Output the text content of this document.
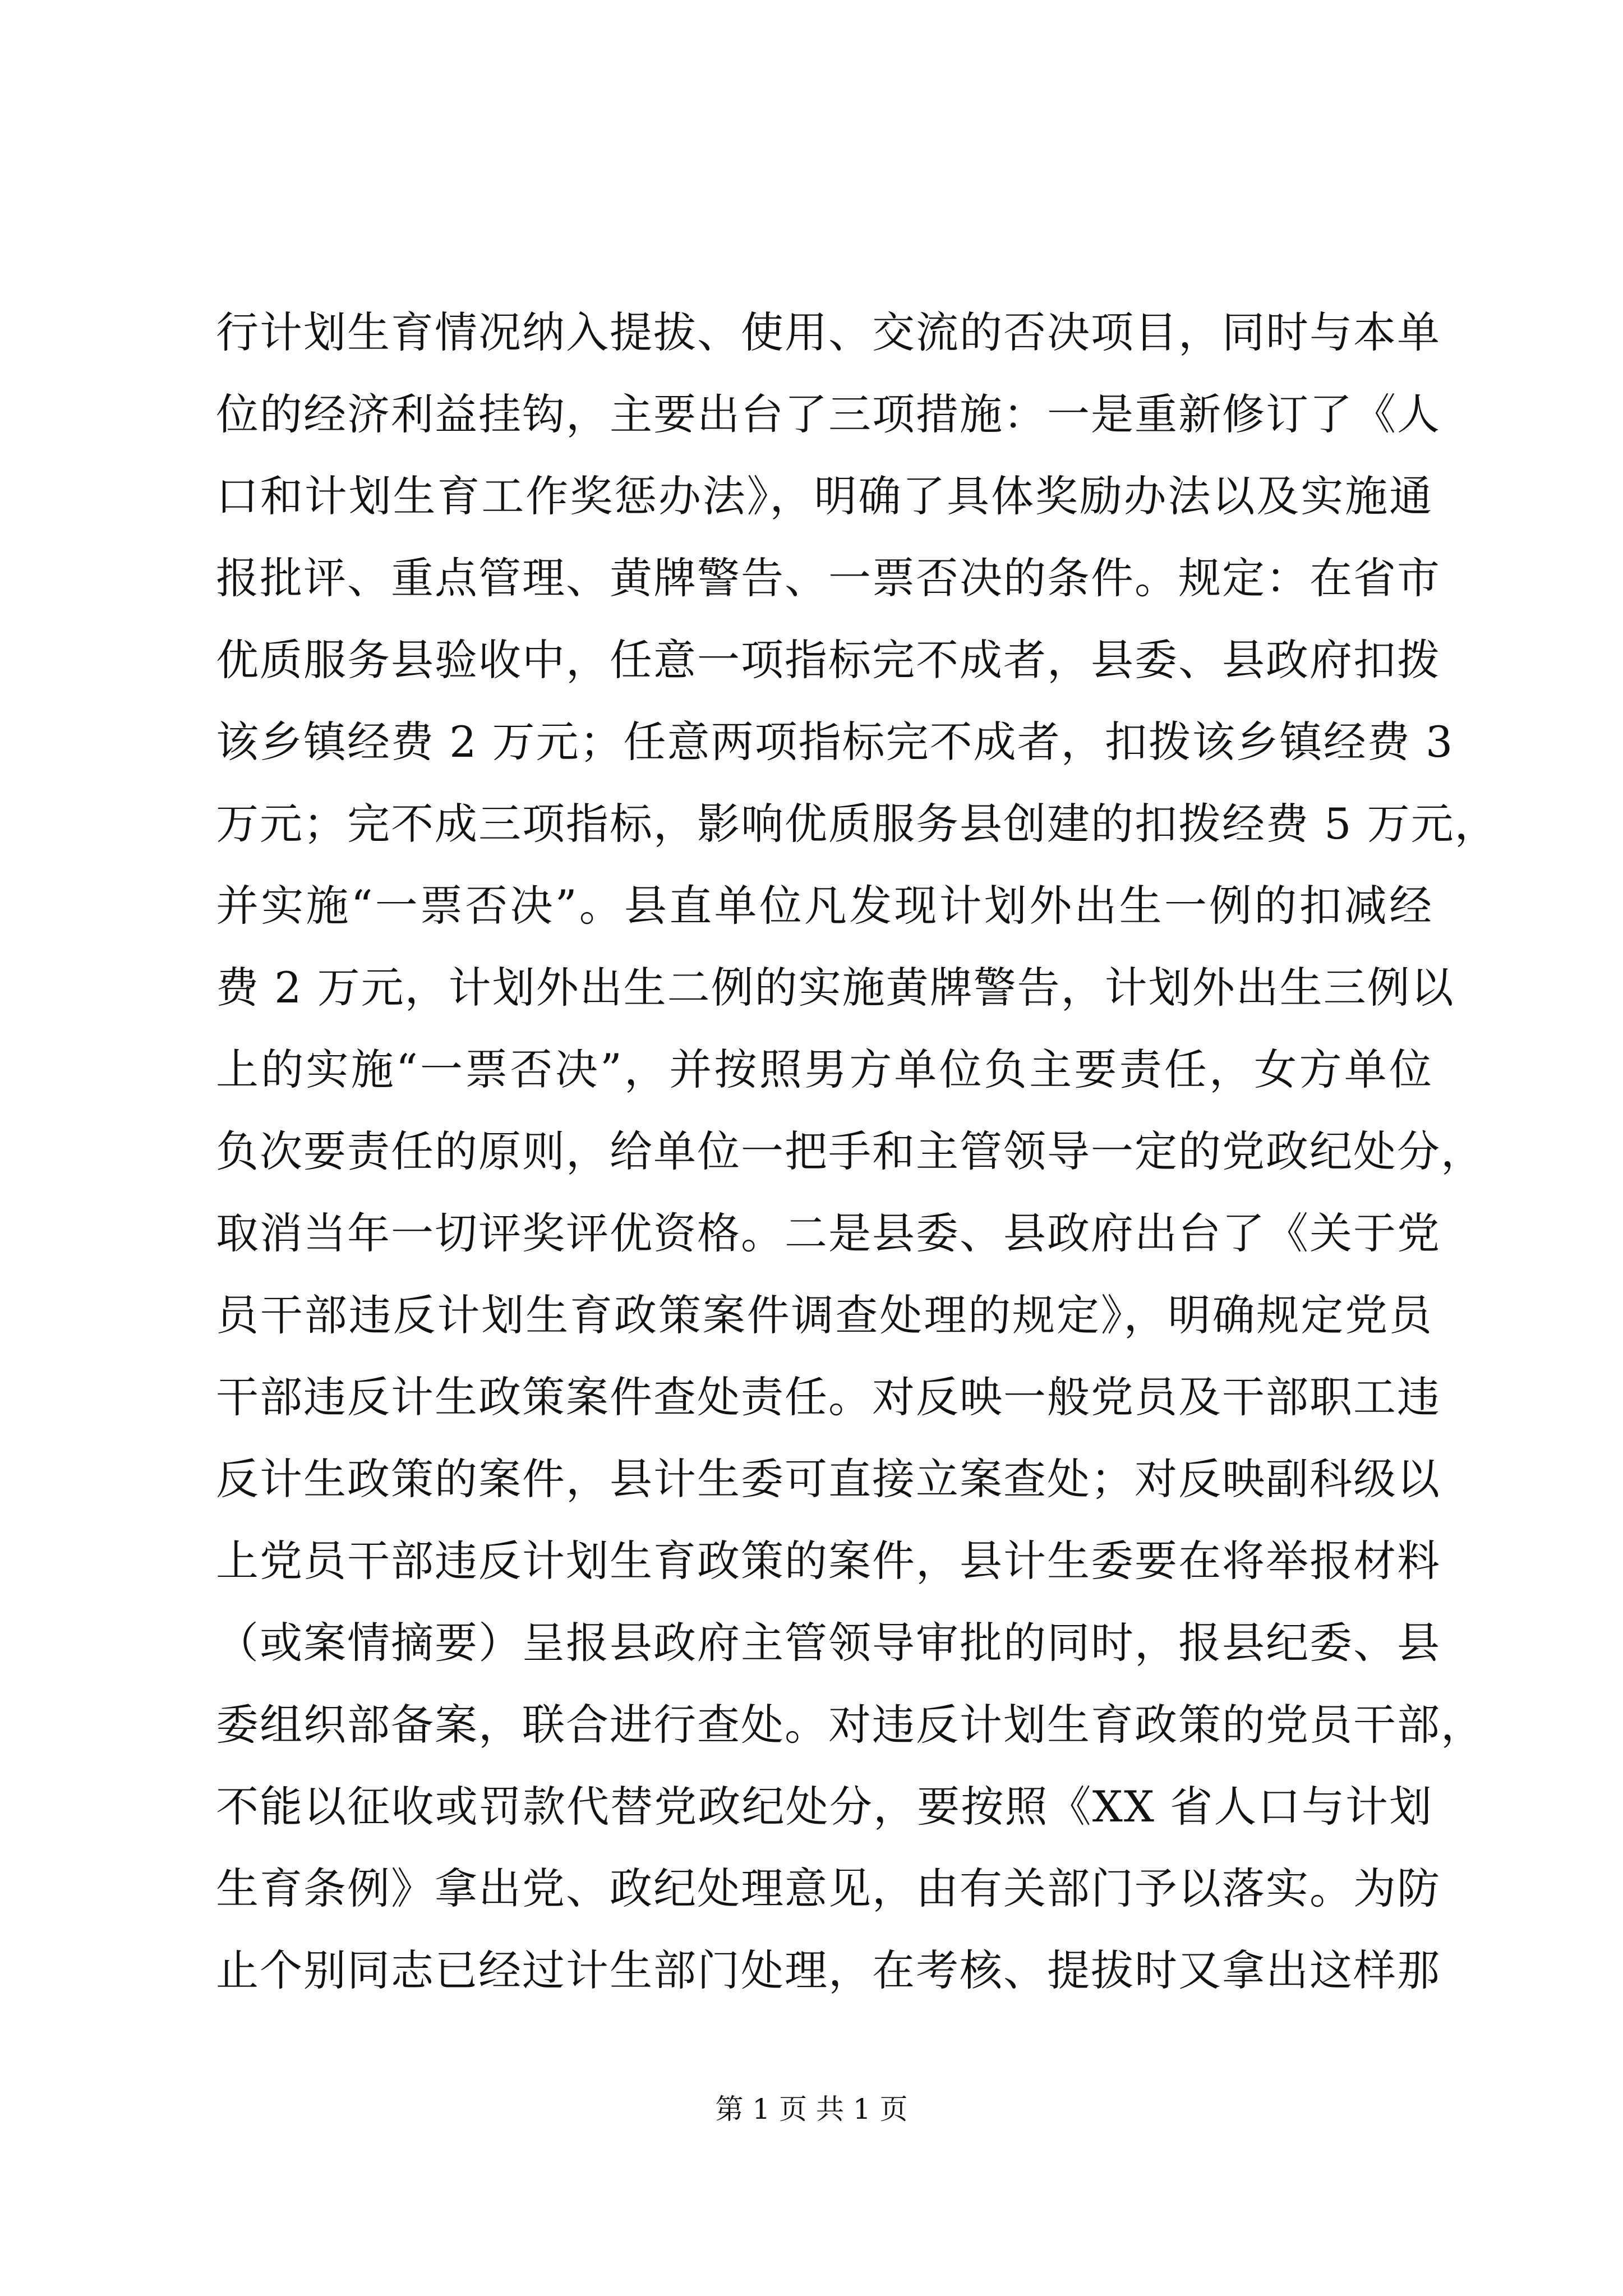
行计划生育情况纳入提拔、使用、交流的否决项目，同时与本单
位的经济利益挂钩，主要出台了三项措施：一是重新修订了《人
口和计划生育工作奖惩办法》，明确了具体奖励办法以及实施通
报批评、重点管理、黄牌警告、一票否决的条件。规定：在省市
优质服务县验收中，任意一项指标完不成者，县委、县政府扣拨
该乡镇经费 2 万元；任意两项指标完不成者，扣拨该乡镇经费 3
万元；完不成三项指标，影响优质服务县创建的扣拨经费 5 万元，
并实施“一票否决”。县直单位凡发现计划外出生一例的扣减经
费 2 万元，计划外出生二例的实施黄牌警告，计划外出生三例以
上的实施“一票否决”，并按照男方单位负主要责任，女方单位
负次要责任的原则，给单位一把手和主管领导一定的党政纪处分，
取消当年一切评奖评优资格。二是县委、县政府出台了《关于党
员干部违反计划生育政策案件调查处理的规定》，明确规定党员
干部违反计生政策案件查处责任。对反映一般党员及干部职工违
反计生政策的案件，县计生委可直接立案查处；对反映副科级以
上党员干部违反计划生育政策的案件，县计生委要在将举报材料
（或案情摘要）呈报县政府主管领导审批的同时，报县纪委、县
委组织部备案，联合进行查处。对违反计划生育政策的党员干部，
不能以征收或罚款代替党政纪处分，要按照《XX 省人口与计划
生育条例》拿出党、政纪处理意见，由有关部门予以落实。为防
止个别同志已经过计生部门处理，在考核、提拔时又拿出这样那
第 1 页 共 1 页
